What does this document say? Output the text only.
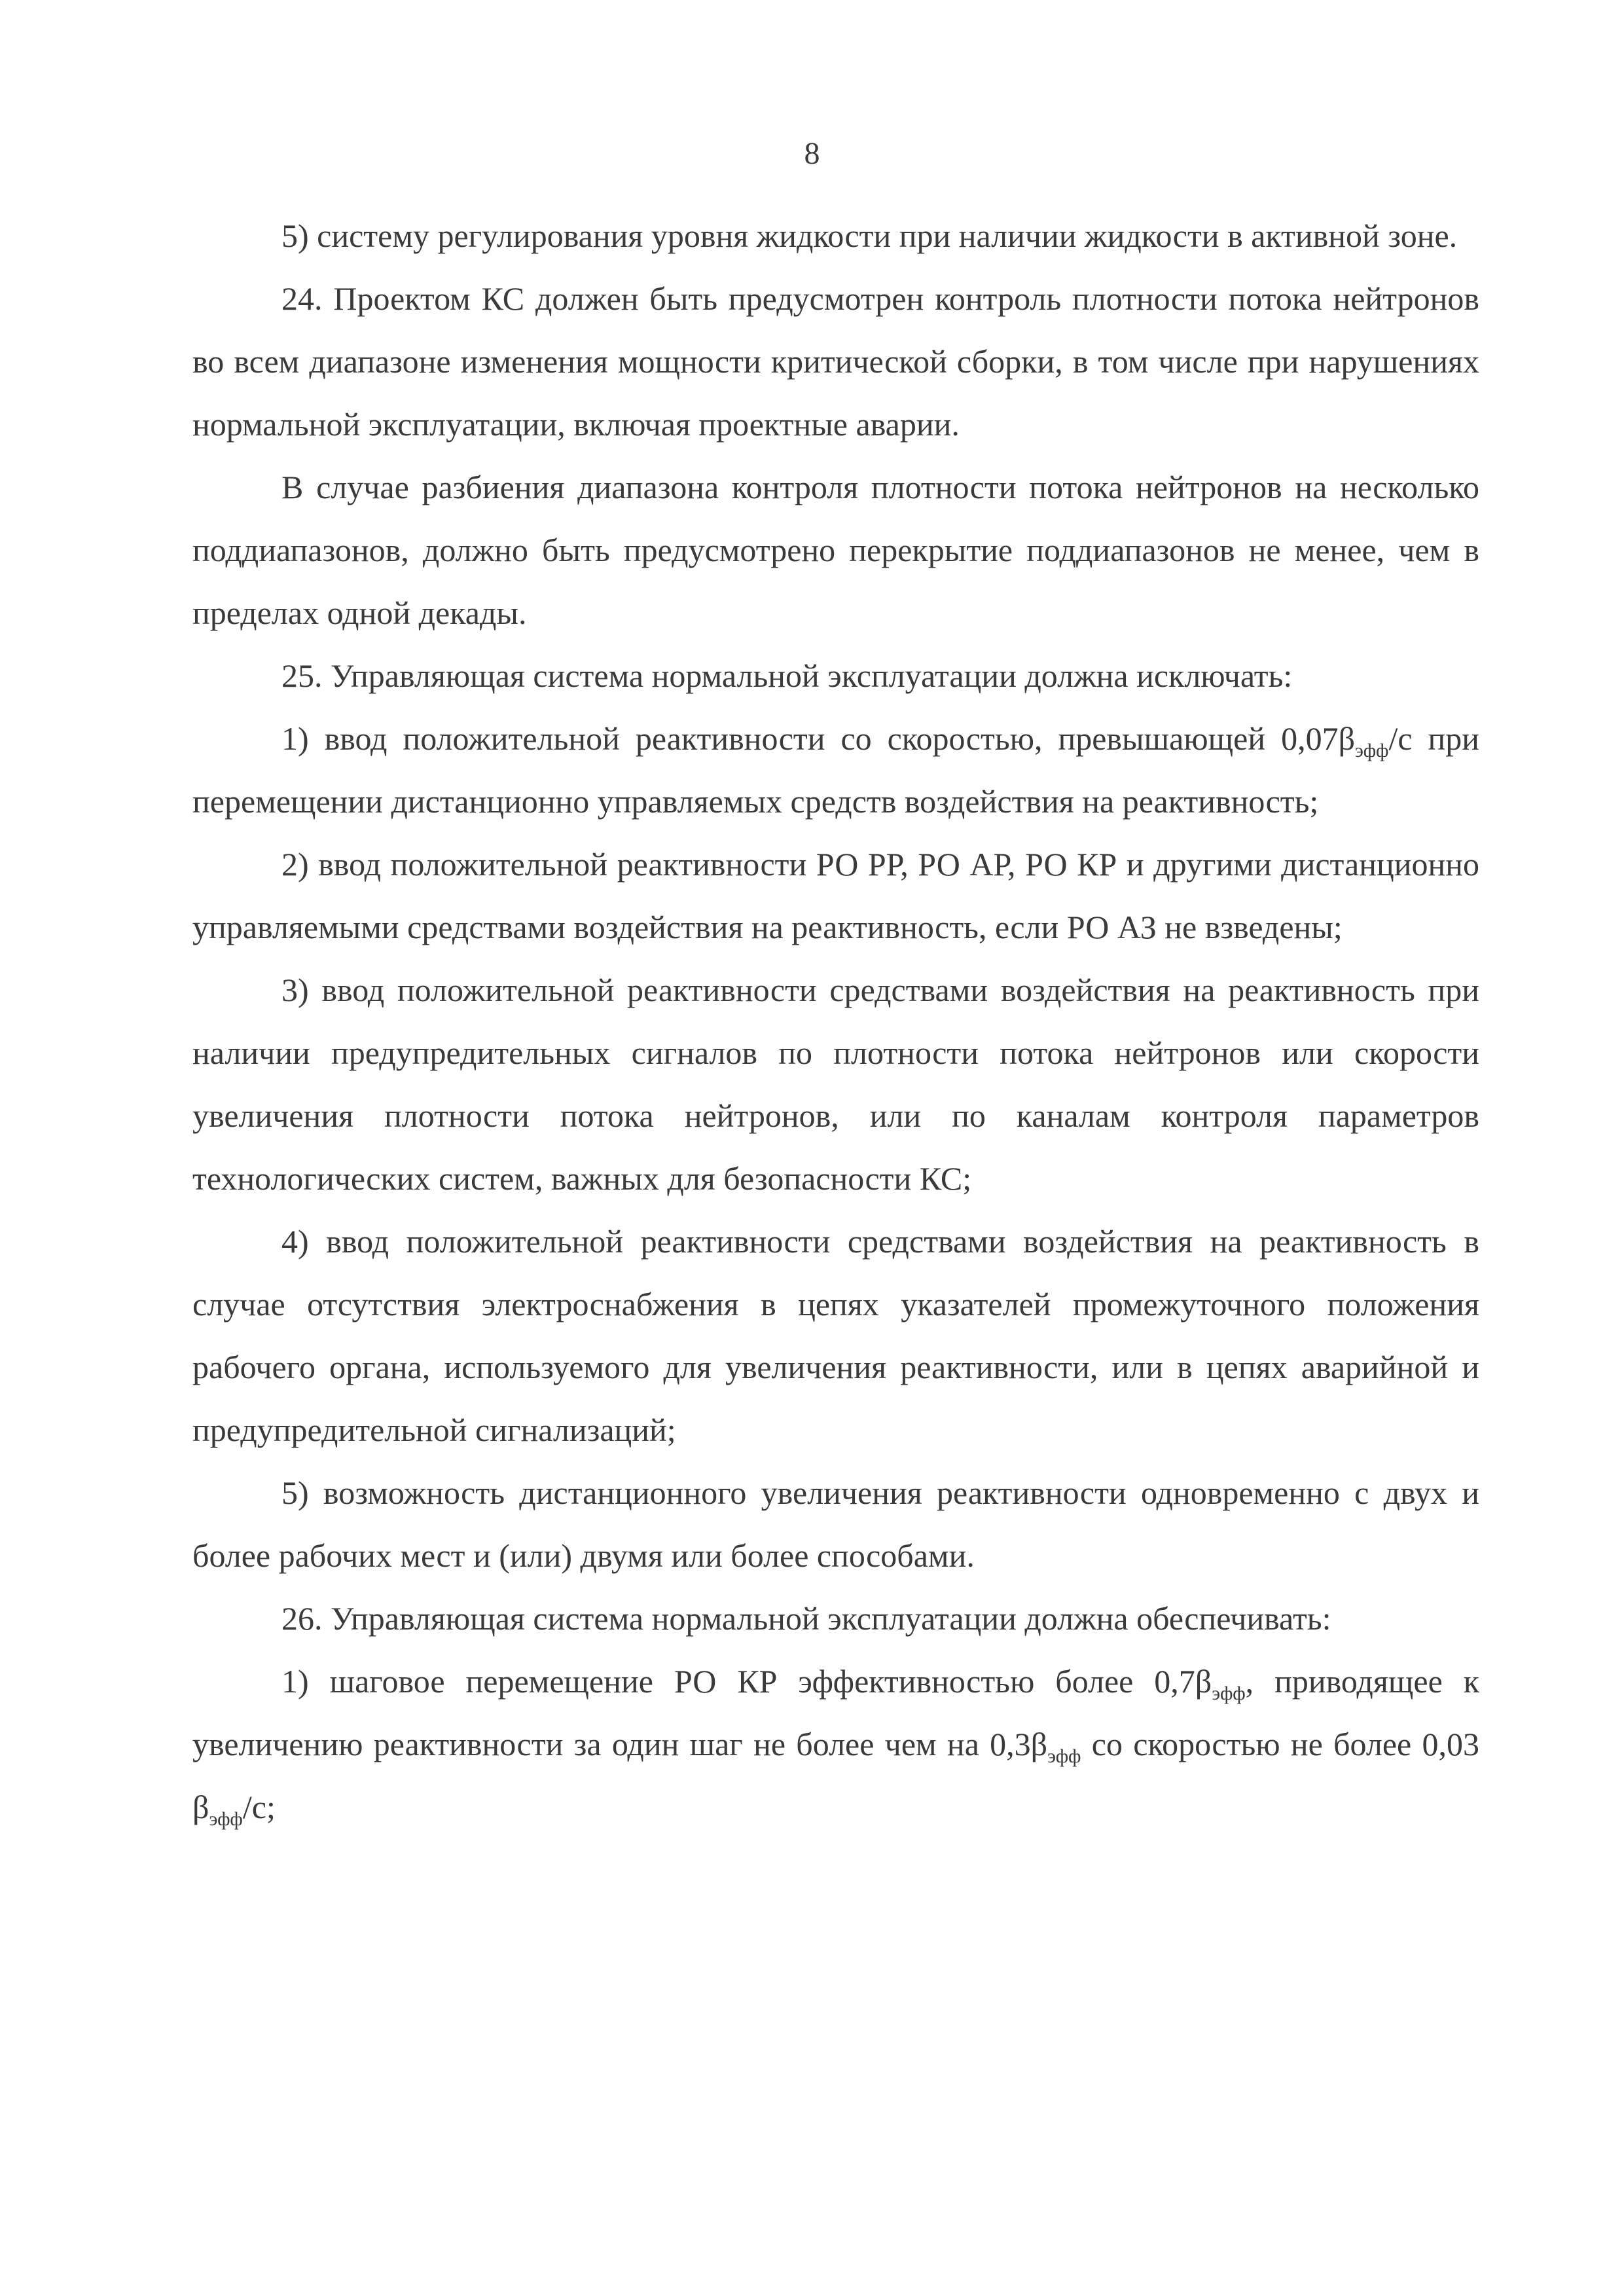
8

5) систему регулирования уровня жидкости при наличии жидкости в активной зоне.

24. Проектом КС должен быть предусмотрен контроль плотности потока нейтронов во всем диапазоне изменения мощности критической сборки, в том числе при нарушениях нормальной эксплуатации, включая проектные аварии.

В случае разбиения диапазона контроля плотности потока нейтронов на несколько поддиапазонов, должно быть предусмотрено перекрытие поддиапазонов не менее, чем в пределах одной декады.

25. Управляющая система нормальной эксплуатации должна исключать:

1) ввод положительной реактивности со скоростью, превышающей $0,07\beta_{эфф}/с$ при перемещении дистанционно управляемых средств воздействия на реактивность;

2) ввод положительной реактивности РО РР, РО АР, РО КР и другими дистанционно управляемыми средствами воздействия на реактивность, если РО АЗ не взведены;

3) ввод положительной реактивности средствами воздействия на реактивность при наличии предупредительных сигналов по плотности потока нейтронов или скорости увеличения плотности потока нейтронов, или по каналам контроля параметров технологических систем, важных для безопасности КС;

4) ввод положительной реактивности средствами воздействия на реактивность в случае отсутствия электроснабжения в цепях указателей промежуточного положения рабочего органа, используемого для увеличения реактивности, или в цепях аварийной и предупредительной сигнализаций;

5) возможность дистанционного увеличения реактивности одновременно с двух и более рабочих мест и (или) двумя или более способами.

26. Управляющая система нормальной эксплуатации должна обеспечивать:

1) шаговое перемещение РО КР эффективностью более $0,7\beta_{эфф}$, приводящее к увеличению реактивности за один шаг не более чем на $0,3\beta_{эфф}$ со скоростью не более 0,03 $\beta_{эфф}/с$;
